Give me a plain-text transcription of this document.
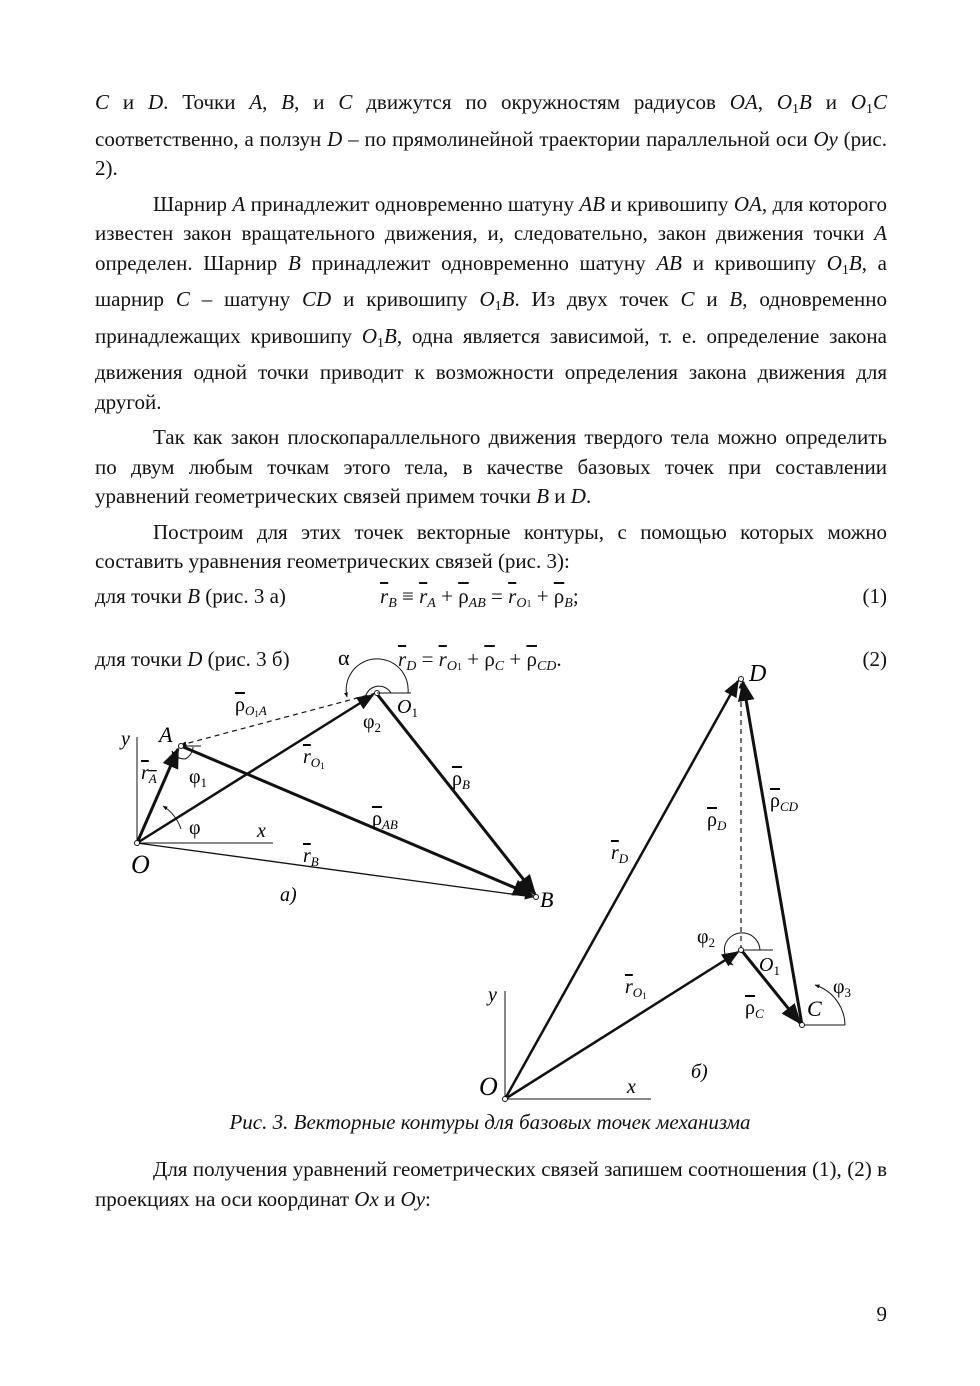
C и D. Точки A, B, и C движутся по окружностям радиусов OA, $O_1B$ и $O_1C$ соответственно, а ползун D – по прямолинейной траектории параллельной оси Oy (рис. 2).

Шарнир A принадлежит одновременно шатуну AB и кривошипу OA, для которого известен закон вращательного движения, и, следовательно, закон движения точки A определен. Шарнир B принадлежит одновременно шатуну AB и кривошипу $O_1B$, а шарнир C – шатуну CD и кривошипу $O_1B$. Из двух точек C и B, одновременно принадлежащих кривошипу $O_1B$, одна является зависимой, т. е. определение закона движения одной точки приводит к возможности определения закона движения для другой.

Так как закон плоскопараллельного движения твердого тела можно определить по двум любым точкам этого тела, в качестве базовых точек при составлении уравнений геометрических связей примем точки B и D.

Построим для этих точек векторные контуры, с помощью которых можно составить уравнения геометрических связей (рис. 3):

для точки B (рис. 3 а)	$\overline{r}_B \equiv \overline{r}_A + \overline{\rho}_{AB} = \overline{r}_{O1} + \overline{\rho}_B$;	(1)
для точки D (рис. 3 б)	$\overline{r}_D = \overline{r}_{O1} + \overline{\rho}_C + \overline{\rho}_{CD}$.	(2)
O
A
B
$O_1$
y
x
φ
$\varphi_1$
$\varphi_2$
α
$r_A$
$r_B$
$r_O1$
$\rho_O1A$
$\rho_{AB}$
$\rho_B$
a)
O
D
C
$O_1$
y
x
$\varphi_2$
$\varphi_3$
$r_D$
$r_O1$
$\rho_D$
$\rho_{CD}$
$\rho_C$
б)
Рис. 3. Векторные контуры для базовых точек механизма

Для получения уравнений геометрических связей запишем соотношения (1), (2) в проекциях на оси координат Ox и Oy:

9
